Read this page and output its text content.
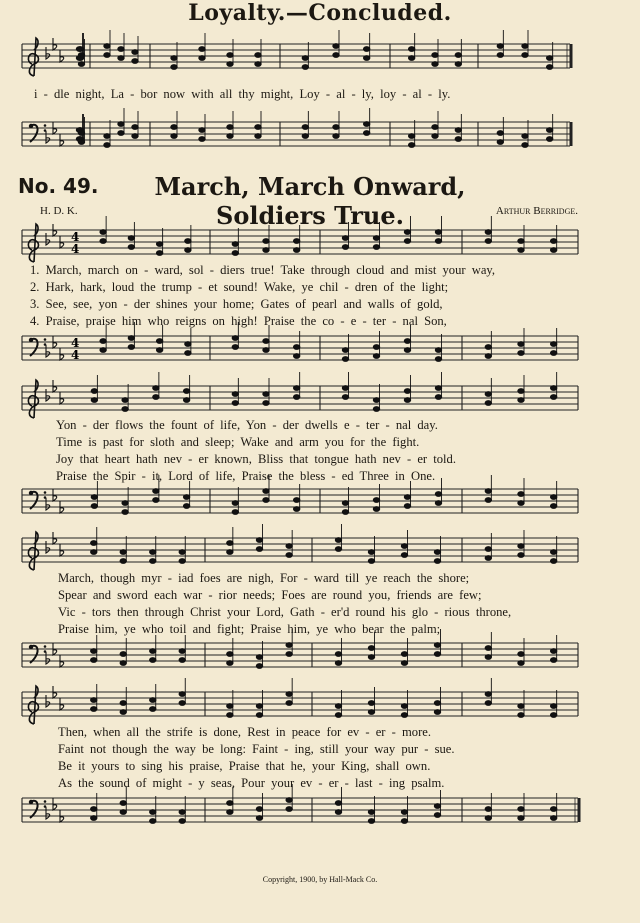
Loyalty.—Concluded.
i - dle night, La - bor now with all thy might, Loy - al - ly, loy - al - ly.
No. 49.	March, March Onward, Soldiers True.
H. D. K.	Arthur Berridge.
4
4
1. March, march on - ward, sol - diers true! Take through cloud and mist your way,
2. Hark, hark, loud the trump - et sound! Wake, ye chil - dren of the light;
3. See, see, yon - der shines your home; Gates of pearl and walls of gold,
4. Praise, praise him who reigns on high! Praise the co - e - ter - nal Son,
4
4
Yon - der flows the fount of life, Yon - der dwells e - ter - nal day.
Time is past for sloth and sleep; Wake and arm you for the fight.
Joy that heart hath nev - er known, Bliss that tongue hath nev - er told.
Praise the Spir - it, Lord of life, Praise the bless - ed Three in One.
March, though myr - iad foes are nigh, For - ward till ye reach the shore;
Spear and sword each war - rior needs; Foes are round you, friends are few;
Vic - tors then through Christ your Lord, Gath - er'd round his glo - rious throne,
Praise him, ye who toil and fight; Praise him, ye who bear the palm;
Then, when all the strife is done, Rest in peace for ev - er - more.
Faint not though the way be long: Faint - ing, still your way pur - sue.
Be it yours to sing his praise, Praise that he, your King, shall own.
As the sound of might - y seas, Pour your ev - er - last - ing psalm.
Copyright, 1900, by Hall-Mack Co.
